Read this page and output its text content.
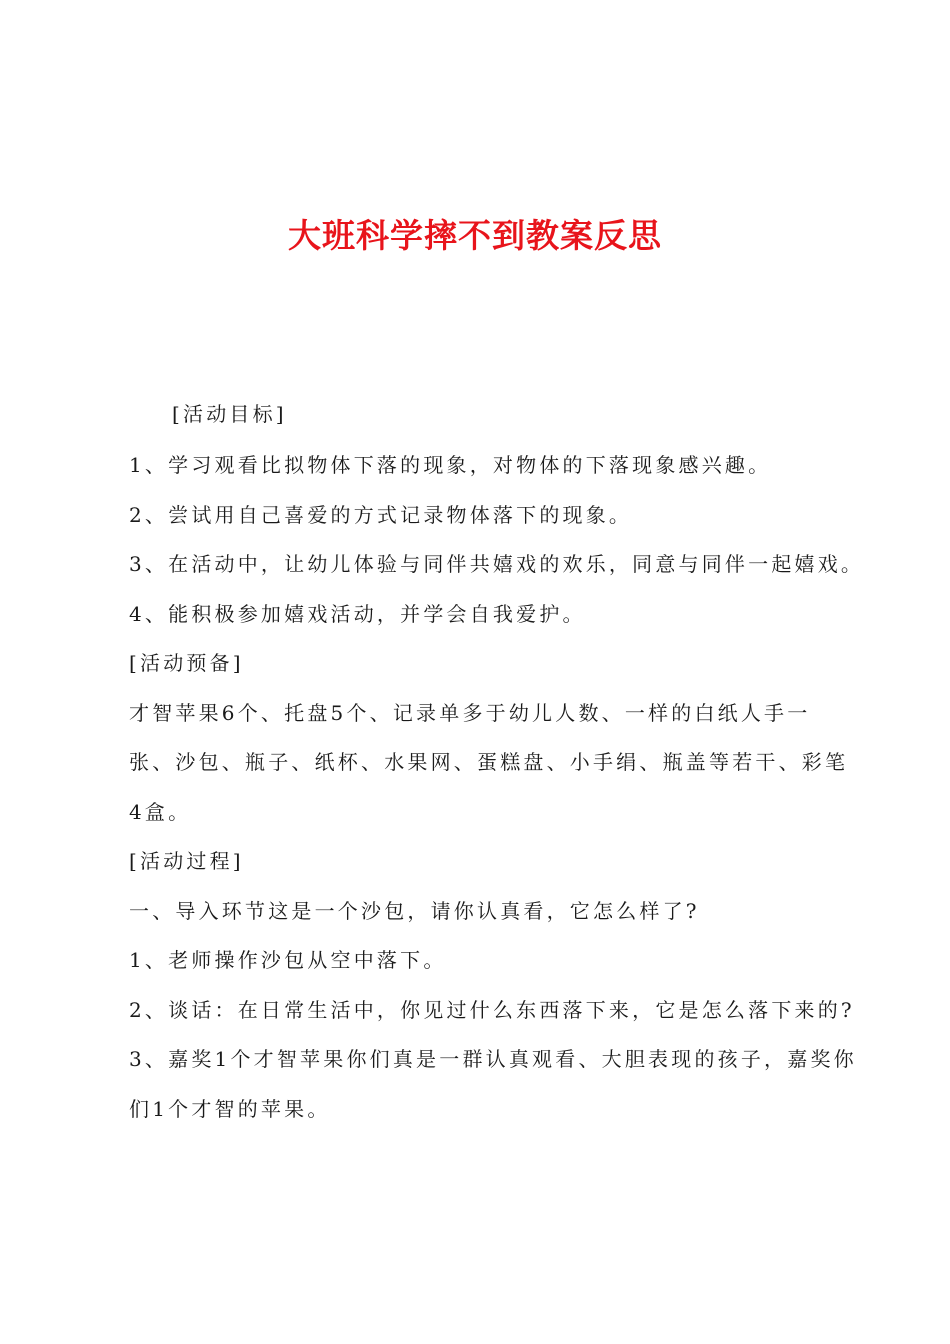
大班科学摔不到教案反思

[活动目标]

1、学习观看比拟物体下落的现象，对物体的下落现象感兴趣。

2、尝试用自己喜爱的方式记录物体落下的现象。

3、在活动中，让幼儿体验与同伴共嬉戏的欢乐，同意与同伴一起嬉戏。

4、能积极参加嬉戏活动，并学会自我爱护。

[活动预备]

才智苹果6个、托盘5个、记录单多于幼儿人数、一样的白纸人手一

张、沙包、瓶子、纸杯、水果网、蛋糕盘、小手绢、瓶盖等若干、彩笔

4盒。

[活动过程]

一、导入环节这是一个沙包，请你认真看，它怎么样了?

1、老师操作沙包从空中落下。

2、谈话：在日常生活中，你见过什么东西落下来，它是怎么落下来的?

3、嘉奖1个才智苹果你们真是一群认真观看、大胆表现的孩子，嘉奖你

们1个才智的苹果。
